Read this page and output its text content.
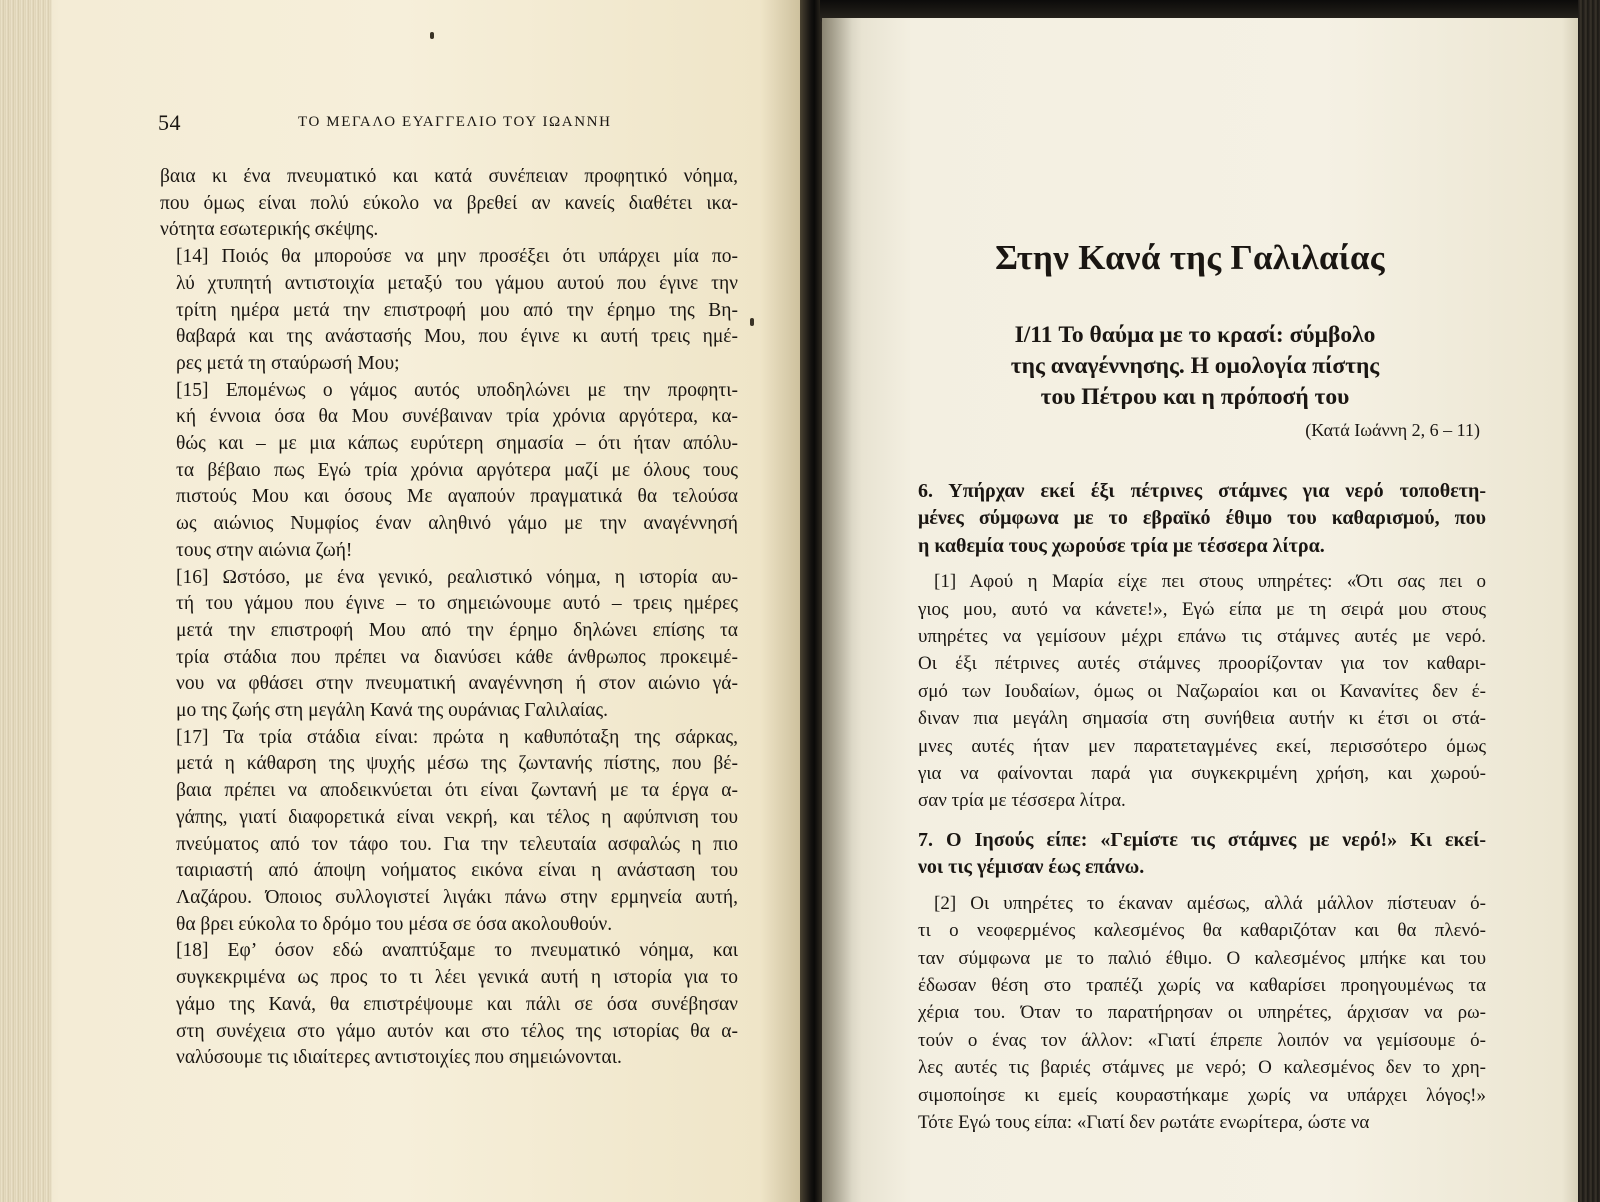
54	ΤΟ ΜΕΓΑΛΟ ΕΥΑΓΓΕΛΙΟ ΤΟΥ ΙΩΑΝΝΗ

βαια κι ένα πνευματικό και κατά συνέπειαν προφητικό νόημα,
που όμως είναι πολύ εύκολο να βρεθεί αν κανείς διαθέτει ικα-
νότητα εσωτερικής σκέψης.

[14] Ποιός θα μπορούσε να μην προσέξει ότι υπάρχει μία πο-
λύ χτυπητή αντιστοιχία μεταξύ του γάμου αυτού που έγινε την
τρίτη ημέρα μετά την επιστροφή μου από την έρημο της Βη-
θαβαρά και της ανάστασής Μου, που έγινε κι αυτή τρεις ημέ-
ρες μετά τη σταύρωσή Μου;

[15] Επομένως ο γάμος αυτός υποδηλώνει με την προφητι-
κή έννοια όσα θα Μου συνέβαιναν τρία χρόνια αργότερα, κα-
θώς και – με μια κάπως ευρύτερη σημασία – ότι ήταν απόλυ-
τα βέβαιο πως Εγώ τρία χρόνια αργότερα μαζί με όλους τους
πιστούς Μου και όσους Με αγαπούν πραγματικά θα τελούσα
ως αιώνιος Νυμφίος έναν αληθινό γάμο με την αναγέννησή
τους στην αιώνια ζωή!

[16] Ωστόσο, με ένα γενικό, ρεαλιστικό νόημα, η ιστορία αυ-
τή του γάμου που έγινε – το σημειώνουμε αυτό – τρεις ημέρες
μετά την επιστροφή Μου από την έρημο δηλώνει επίσης τα
τρία στάδια που πρέπει να διανύσει κάθε άνθρωπος προκειμέ-
νου να φθάσει στην πνευματική αναγέννηση ή στον αιώνιο γά-
μο της ζωής στη μεγάλη Κανά της ουράνιας Γαλιλαίας.

[17] Τα τρία στάδια είναι: πρώτα η καθυπόταξη της σάρκας,
μετά η κάθαρση της ψυχής μέσω της ζωντανής πίστης, που βέ-
βαια πρέπει να αποδεικνύεται ότι είναι ζωντανή με τα έργα α-
γάπης, γιατί διαφορετικά είναι νεκρή, και τέλος η αφύπνιση του
πνεύματος από τον τάφο του. Για την τελευταία ασφαλώς η πιο
ταιριαστή από άποψη νοήματος εικόνα είναι η ανάσταση του
Λαζάρου. Όποιος συλλογιστεί λιγάκι πάνω στην ερμηνεία αυτή,
θα βρει εύκολα το δρόμο του μέσα σε όσα ακολουθούν.

[18] Εφ’ όσον εδώ αναπτύξαμε το πνευματικό νόημα, και
συγκεκριμένα ως προς το τι λέει γενικά αυτή η ιστορία για το
γάμο της Κανά, θα επιστρέψουμε και πάλι σε όσα συνέβησαν
στη συνέχεια στο γάμο αυτόν και στο τέλος της ιστορίας θα α-
ναλύσουμε τις ιδιαίτερες αντιστοιχίες που σημειώνονται.

Στην Κανά της Γαλιλαίας
I/11 Το θαύμα με το κρασί: σύμβολο
της αναγέννησης. Η ομολογία πίστης
του Πέτρου και η πρόποσή του
(Κατά Ιωάννη 2, 6 – 11)
6. Υπήρχαν εκεί έξι πέτρινες στάμνες για νερό τοποθετη-
μένες σύμφωνα με το εβραϊκό έθιμο του καθαρισμού, που
η καθεμία τους χωρούσε τρία με τέσσερα λίτρα.
[1] Αφού η Μαρία είχε πει στους υπηρέτες: «Ότι σας πει ο
γιος μου, αυτό να κάνετε!», Εγώ είπα με τη σειρά μου στους
υπηρέτες να γεμίσουν μέχρι επάνω τις στάμνες αυτές με νερό.
Οι έξι πέτρινες αυτές στάμνες προορίζονταν για τον καθαρι-
σμό των Ιουδαίων, όμως οι Ναζωραίοι και οι Κανανίτες δεν έ-
διναν πια μεγάλη σημασία στη συνήθεια αυτήν κι έτσι οι στά-
μνες αυτές ήταν μεν παρατεταγμένες εκεί, περισσότερο όμως
για να φαίνονται παρά για συγκεκριμένη χρήση, και χωρού-
σαν τρία με τέσσερα λίτρα.
7. Ο Ιησούς είπε: «Γεμίστε τις στάμνες με νερό!» Κι εκεί-
νοι τις γέμισαν έως επάνω.
[2] Οι υπηρέτες το έκαναν αμέσως, αλλά μάλλον πίστευαν ό-
τι ο νεοφερμένος καλεσμένος θα καθαριζόταν και θα πλενό-
ταν σύμφωνα με το παλιό έθιμο. Ο καλεσμένος μπήκε και του
έδωσαν θέση στο τραπέζι χωρίς να καθαρίσει προηγουμένως τα
χέρια του. Όταν το παρατήρησαν οι υπηρέτες, άρχισαν να ρω-
τούν ο ένας τον άλλον: «Γιατί έπρεπε λοιπόν να γεμίσουμε ό-
λες αυτές τις βαριές στάμνες με νερό; Ο καλεσμένος δεν το χρη-
σιμοποίησε κι εμείς κουραστήκαμε χωρίς να υπάρχει λόγος!»
Τότε Εγώ τους είπα: «Γιατί δεν ρωτάτε ενωρίτερα, ώστε να
